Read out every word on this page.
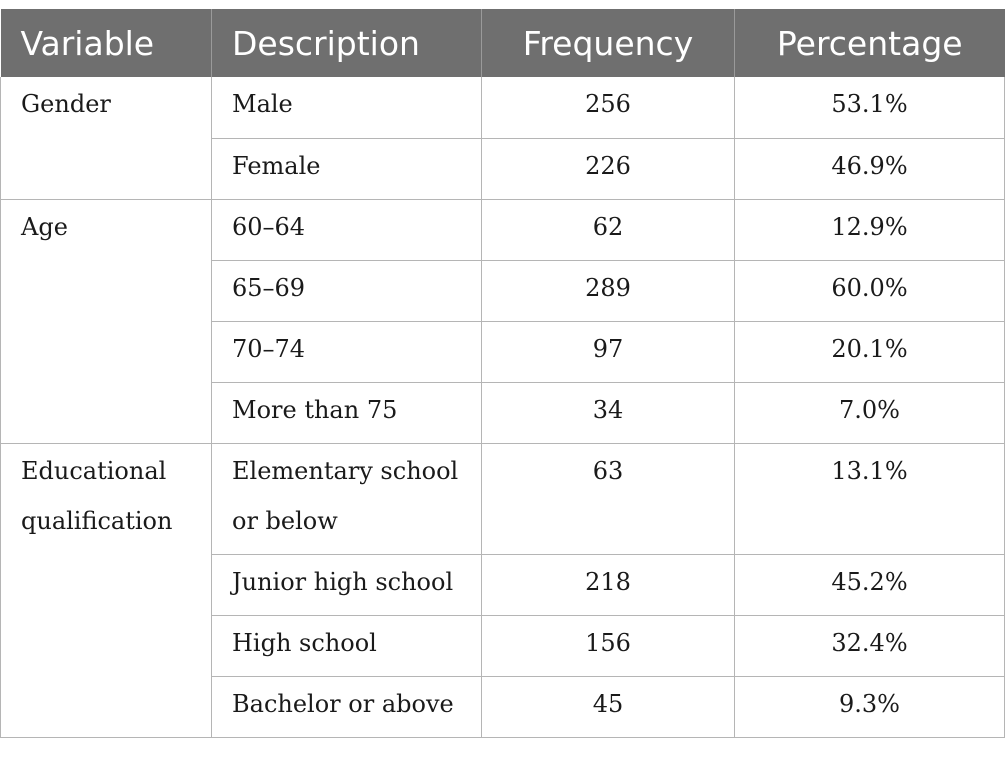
Variable	Description	Frequency	Percentage

Gender	Male	256	53.1%

	Female	226	46.9%

Age	60–64	62	12.9%

	65–69	289	60.0%

	70–74	97	20.1%

	More than 75	34	7.0%

Educational qualification	Elementary school or below	63	13.1%

	Junior high school	218	45.2%

	High school	156	32.4%

	Bachelor or above	45	9.3%
